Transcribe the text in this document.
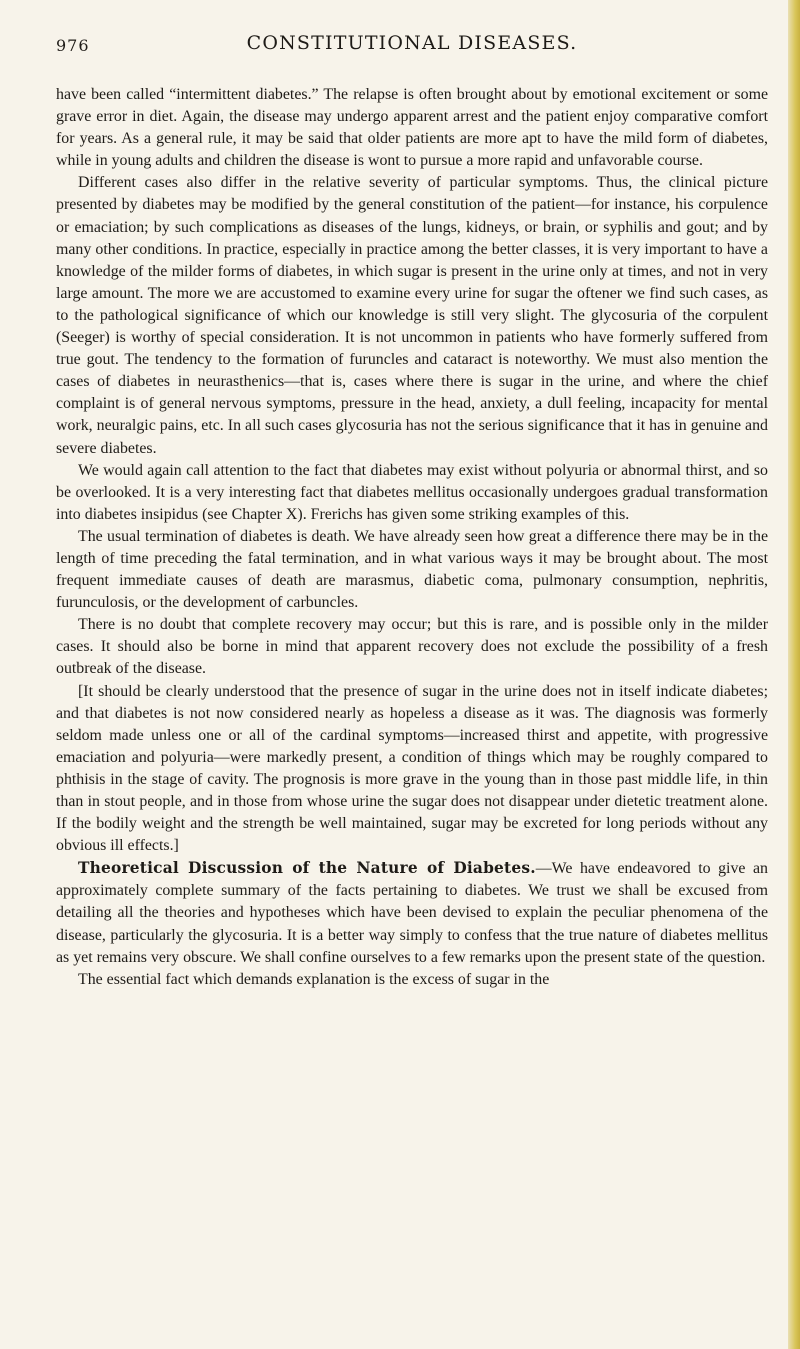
976	CONSTITUTIONAL DISEASES.

have been called “intermittent diabetes.” The relapse is often brought about by emotional excitement or some grave error in diet. Again, the disease may undergo apparent arrest and the patient enjoy comparative comfort for years. As a general rule, it may be said that older patients are more apt to have the mild form of diabetes, while in young adults and children the disease is wont to pursue a more rapid and unfavorable course.

Different cases also differ in the relative severity of particular symptoms. Thus, the clinical picture presented by diabetes may be modified by the general constitution of the patient—for instance, his corpulence or emaciation; by such complications as diseases of the lungs, kidneys, or brain, or syphilis and gout; and by many other conditions. In practice, especially in practice among the better classes, it is very important to have a knowledge of the milder forms of diabetes, in which sugar is present in the urine only at times, and not in very large amount. The more we are accustomed to examine every urine for sugar the oftener we find such cases, as to the pathological significance of which our knowledge is still very slight. The glycosuria of the corpulent (Seeger) is worthy of special consideration. It is not uncommon in patients who have formerly suffered from true gout. The tendency to the formation of furuncles and cataract is noteworthy. We must also mention the cases of diabetes in neurasthenics—that is, cases where there is sugar in the urine, and where the chief complaint is of general nervous symptoms, pressure in the head, anxiety, a dull feeling, incapacity for mental work, neuralgic pains, etc. In all such cases glycosuria has not the serious significance that it has in genuine and severe diabetes.

We would again call attention to the fact that diabetes may exist without polyuria or abnormal thirst, and so be overlooked. It is a very interesting fact that diabetes mellitus occasionally undergoes gradual transformation into diabetes insipidus (see Chapter X). Frerichs has given some striking examples of this.

The usual termination of diabetes is death. We have already seen how great a difference there may be in the length of time preceding the fatal termination, and in what various ways it may be brought about. The most frequent immediate causes of death are marasmus, diabetic coma, pulmonary consumption, nephritis, furunculosis, or the development of carbuncles.

There is no doubt that complete recovery may occur; but this is rare, and is possible only in the milder cases. It should also be borne in mind that apparent recovery does not exclude the possibility of a fresh outbreak of the disease.

[It should be clearly understood that the presence of sugar in the urine does not in itself indicate diabetes; and that diabetes is not now considered nearly as hopeless a disease as it was. The diagnosis was formerly seldom made unless one or all of the cardinal symptoms—increased thirst and appetite, with progressive emaciation and polyuria—were markedly present, a condition of things which may be roughly compared to phthisis in the stage of cavity. The prognosis is more grave in the young than in those past middle life, in thin than in stout people, and in those from whose urine the sugar does not disappear under dietetic treatment alone. If the bodily weight and the strength be well maintained, sugar may be excreted for long periods without any obvious ill effects.]

Theoretical Discussion of the Nature of Diabetes.—We have endeavored to give an approximately complete summary of the facts pertaining to diabetes. We trust we shall be excused from detailing all the theories and hypotheses which have been devised to explain the peculiar phenomena of the disease, particularly the glycosuria. It is a better way simply to confess that the true nature of diabetes mellitus as yet remains very obscure. We shall confine ourselves to a few remarks upon the present state of the question.

The essential fact which demands explanation is the excess of sugar in the
